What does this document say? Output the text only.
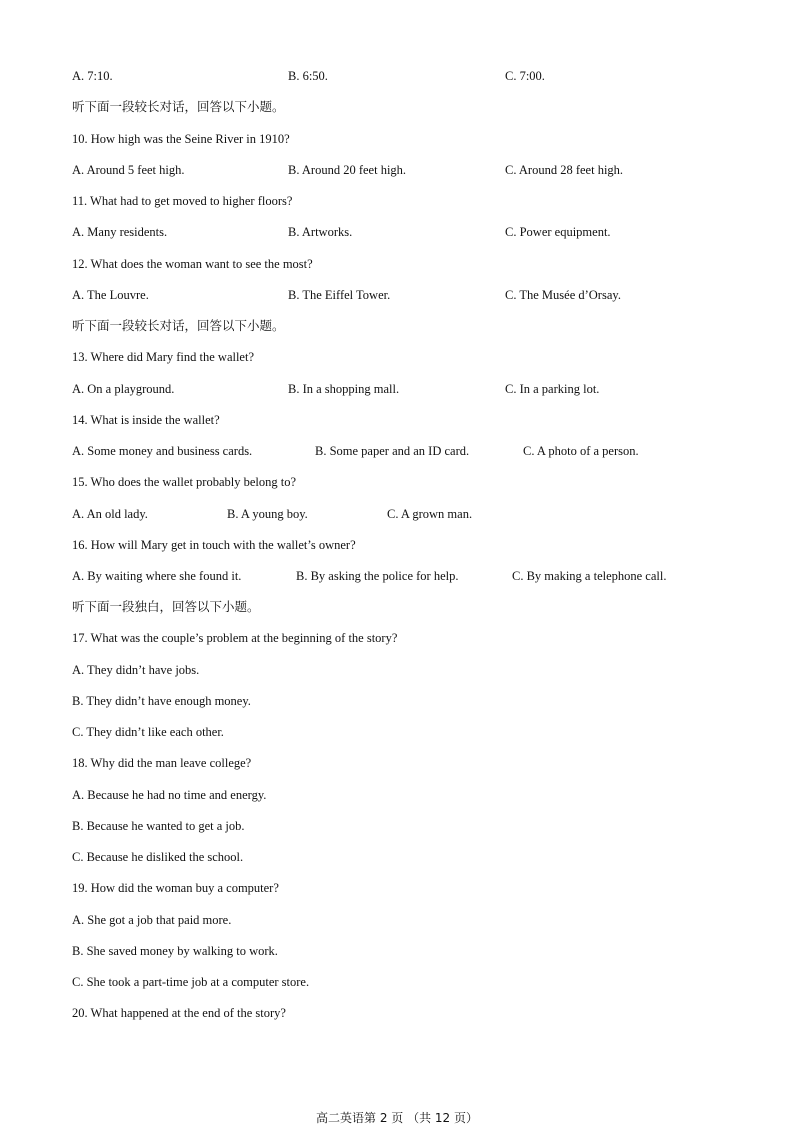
A. 7:10.	B. 6:50.	C. 7:00.
听下面一段较长对话，回答以下小题。
10. How high was the Seine River in 1910?
A. Around 5 feet high.	B. Around 20 feet high.	C. Around 28 feet high.
11. What had to get moved to higher floors?
A. Many residents.	B. Artworks.	C. Power equipment.
12. What does the woman want to see the most?
A. The Louvre.	B. The Eiffel Tower.	C. The Musée d’Orsay.
听下面一段较长对话，回答以下小题。
13. Where did Mary find the wallet?
A. On a playground.	B. In a shopping mall.	C. In a parking lot.
14. What is inside the wallet?
A. Some money and business cards.	B. Some paper and an ID card.	C. A photo of a person.
15. Who does the wallet probably belong to?
A. An old lady.	B. A young boy.	C. A grown man.
16. How will Mary get in touch with the wallet’s owner?
A. By waiting where she found it.	B. By asking the police for help.	C. By making a telephone call.
听下面一段独白，回答以下小题。
17. What was the couple’s problem at the beginning of the story?
A. They didn’t have jobs.
B. They didn’t have enough money.
C. They didn’t like each other.
18. Why did the man leave college?
A. Because he had no time and energy.
B. Because he wanted to get a job.
C. Because he disliked the school.
19. How did the woman buy a computer?
A. She got a job that paid more.
B. She saved money by walking to work.
C. She took a part-time job at a computer store.
20. What happened at the end of the story?
高二英语第 2 页 （共 12 页）
